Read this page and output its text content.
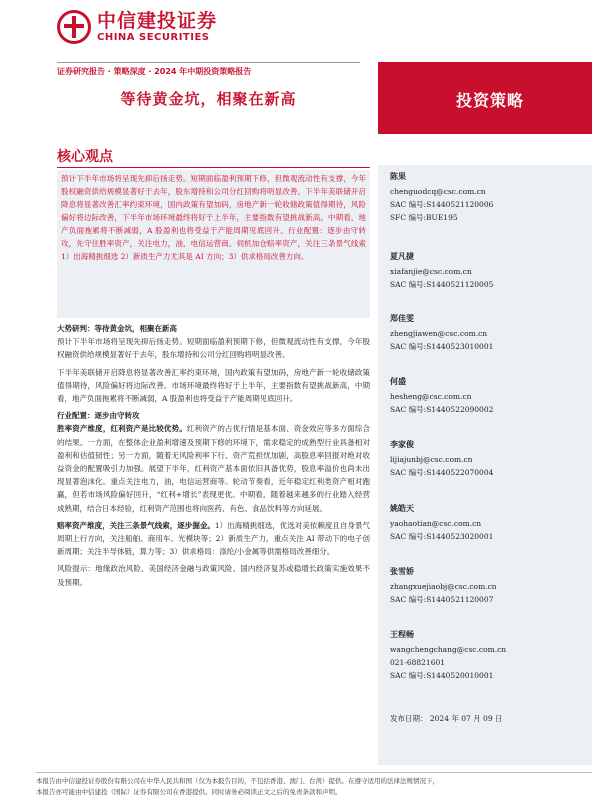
中信建投证券
CHINA SECURITIES
证券研究报告 · 策略深度 · 2024 年中期投资策略报告
等待黄金坑，相聚在新高	投资策略
核心观点
预计下半年市场将呈现先抑后扬走势。短期面临盈利预期下修，但微观流动性有支撑，今年股权融资供给规模显著好于去年，股东增持和公司分红回购将明显改善。下半年美联储开启降息将显著改善汇率约束环境，国内政策有望加码，房地产新一轮收储政策值得期待，风险偏好将边际改善，下半年市场环境最终将好于上半年，主要指数有望挑战新高。中期看，地产负面拖累将不断减弱，A 股盈利也将受益于产能周期见底回升。行业配置：逐步由守转攻，先守住胜率资产，关注电力，油，电信运营商。伺机加仓赔率资产，关注三条景气线索 1）出海精挑细选 2）新质生产力尤其是 AI 方向；3）供求格局改善方向。

大势研判：等待黄金坑，相聚在新高

预计下半年市场将呈现先抑后扬走势。短期面临盈利预期下修，但微观流动性有支撑，今年股权融资供给规模显著好于去年，股东增持和公司分红回购将明显改善。

下半年美联储开启降息将显著改善汇率约束环境，国内政策有望加码，房地产新一轮收储政策值得期待，风险偏好将边际改善。市场环境最终将好于上半年，主要指数有望挑战新高，中期看，地产负面拖累将不断减弱，A 股盈利也将受益于产能周期见底回升。

行业配置：逐步由守转攻

胜率资产维度，红利资产是比较优势。红利资产的占优行情是基本面、资金效应等多方面综合的结果。一方面，在整体企业盈利增速及预期下修的环境下，需求稳定的成熟型行业具备相对盈利和估值韧性；另一方面，随着无风险利率下行、资产荒担忧加剧，高股息率回报对绝对收益资金的配置吸引力加强。展望下半年，红利资产基本面依旧具备优势，股息率溢价也尚未出现显著泡沫化。重点关注电力，油，电信运营商等。轮动节奏看，近年稳定红利类资产相对跑赢，但若市场风险偏好回升，“红利+增长”表现更优。中期看，随着越来越多的行业踏入经营成熟期，结合日本经验，红利资产范围也将向医药、有色、食品饮料等方向延展。

赔率资产维度，关注三条景气线索，逐步掘金。1）出海精挑细选，优选对美依赖度且自身景气周期上行方向，关注船舶、商用车、光模块等；2）新质生产力，重点关注 AI 带动下的电子创新周期；关注半导体链，算力等；3）供求格局：涤纶/小金属等供需格局改善细分。

风险提示：地缘政治风险、美国经济金融与政策风险、国内经济复苏或稳增长政策实施效果不及预期。

陈果
chenguodcq@csc.com.cn
SAC 编号:S1440521120006
SFC 编号:BUE195
夏凡捷
xiafanjie@csc.com.cn
SAC 编号:S1440521120005
郑佳雯
zhengjiawen@csc.com.cn
SAC 编号:S1440523010001
何盛
hesheng@csc.com.cn
SAC 编号:S1440522090002
李家俊
lijiajunbj@csc.com.cn
SAC 编号:S1440522070004
姚皓天
yaohaotian@csc.com.cn
SAC 编号:S1440523020001
张雪娇
zhangxuejiaobj@csc.com.cn
SAC 编号:S1440521120007
王程畅
wangchengchang@csc.com.cn
021-68821601
SAC 编号:S1440520010001
发布日期： 2024 年 07 月 09 日
本报告由中信建投证券股份有限公司在中华人民共和国（仅为本报告目的，不包括香港、澳门、台湾）提供。在遵守适用的法律法规情况下，
本报告亦可能由中信建投（国际）证券有限公司在香港提供。同时请务必阅读正文之后的免责条款和声明。
